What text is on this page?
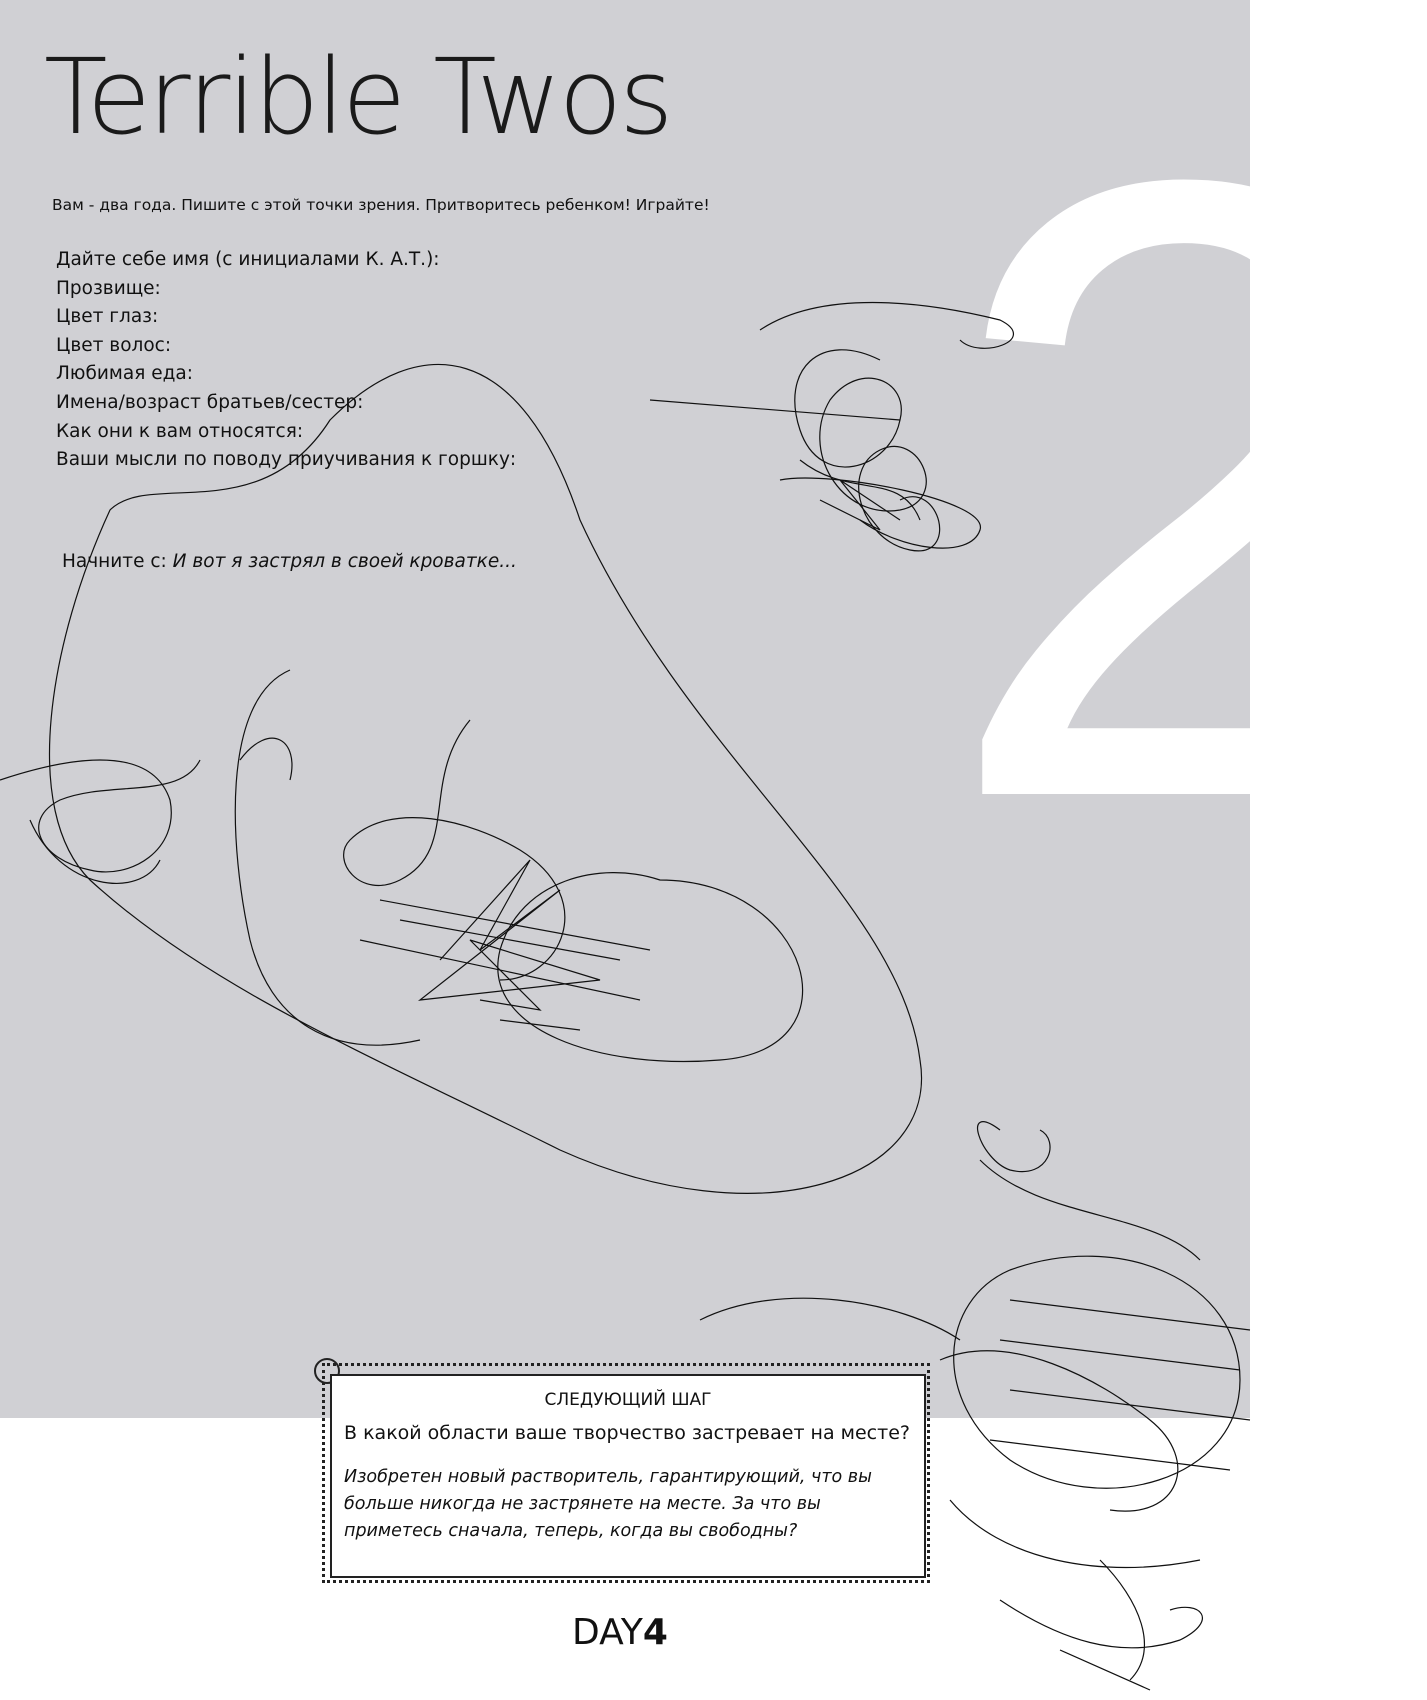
2
Terrible Twos
Вам - два года. Пишите с этой точки зрения. Притворитесь ребенком! Играйте!
Дайте себе имя (с инициалами К. А.Т.):
Прозвище:
Цвет глаз:
Цвет волос:
Любимая еда:
Имена/возраст братьев/сестер:
Как они к вам относятся:
Ваши мысли по поводу приучивания к горшку:
Начните с: И вот я застрял в своей кроватке...
СЛЕДУЮЩИЙ ШАГ
В какой области ваше творчество застревает на месте?
Изобретен новый растворитель, гарантирующий, что вы больше никогда не застрянете на месте. За что вы приметесь сначала, теперь, когда вы свободны?
DAY4
